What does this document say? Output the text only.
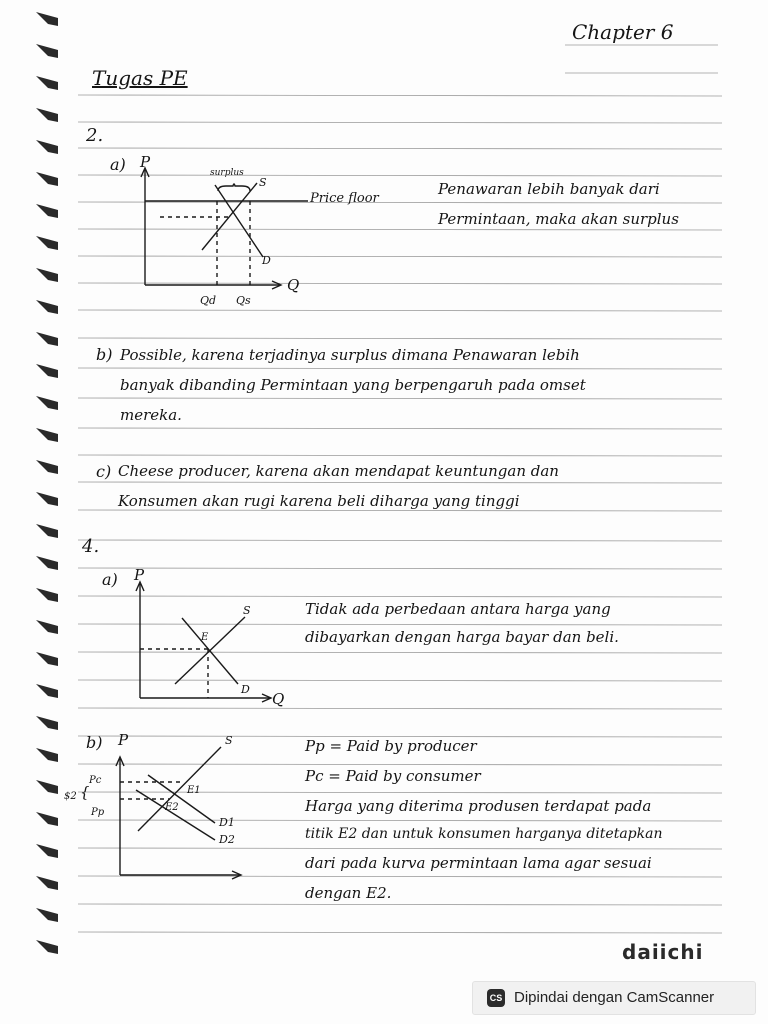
Chapter 6
Tugas PE
2.
a) P
surplus
S
Price floor
D
Q
Qd Qs
Penawaran lebih banyak dari
Permintaan, maka akan surplus
b) Possible, karena terjadinya surplus dimana Penawaran lebih
banyak dibanding Permintaan yang berpengaruh pada omset
mereka.
c) Cheese producer, karena akan mendapat keuntungan dan
Konsumen akan rugi karena beli diharga yang tinggi
4.
a) P
S
E
D
Q
Tidak ada perbedaan antara harga yang
dibayarkan dengan harga bayar dan beli.
b) P	S
Pc
$2 {
Pp
E1
E2
D1
D2
Pp = Paid by producer
Pc = Paid by consumer
Harga yang diterima produsen terdapat pada
titik E2 dan untuk konsumen harganya ditetapkan
dari pada kurva permintaan lama agar sesuai
dengan E2.
daiichi
CS Dipindai dengan CamScanner
